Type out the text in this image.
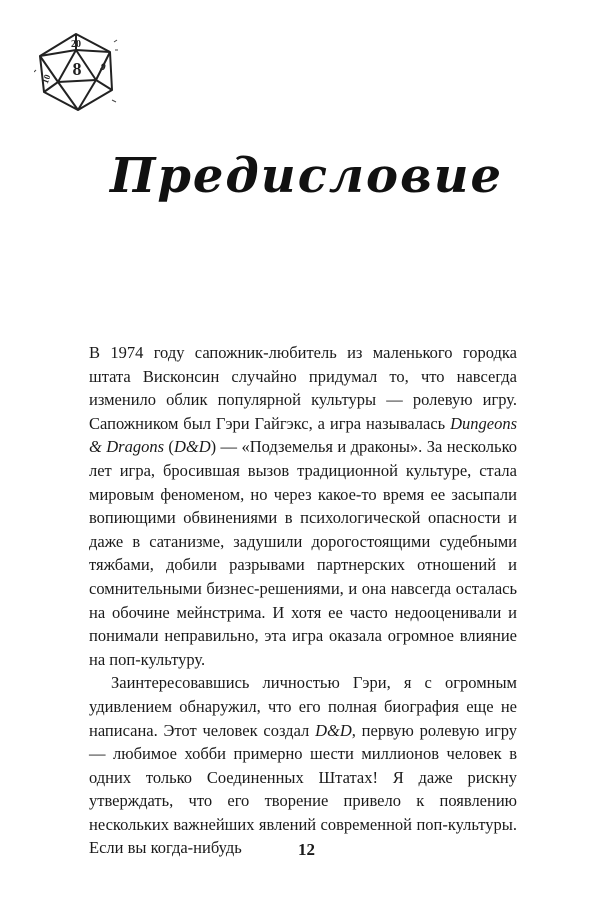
20
8
10
9
Предисловие

В 1974 году сапожник-любитель из маленького городка штата Висконсин случайно придумал то, что навсегда изменило облик популярной культуры — ролевую игру. Сапожником был Гэри Гайгэкс, а игра называлась Dungeons & Dragons (D&D) — «Подземелья и драконы». За несколько лет игра, бросившая вызов традиционной культуре, стала мировым феноменом, но через какое-то время ее засыпали вопиющими обвинениями в психологической опасности и даже в сатанизме, задушили дорогостоящими судебными тяжбами, добили разрывами партнерских отношений и сомнительными бизнес-решениями, и она навсегда осталась на обочине мейнстрима. И хотя ее часто недооценивали и понимали неправильно, эта игра оказала огромное влияние на поп-культуру.

Заинтересовавшись личностью Гэри, я с огромным удивлением обнаружил, что его полная биография еще не написана. Этот человек создал D&D, первую ролевую игру — любимое хобби примерно шести миллионов человек в одних только Соединенных Штатах! Я даже рискну утверждать, что его творение привело к появлению нескольких важнейших явлений современной поп-культуры. Если вы когда-нибудь	12
